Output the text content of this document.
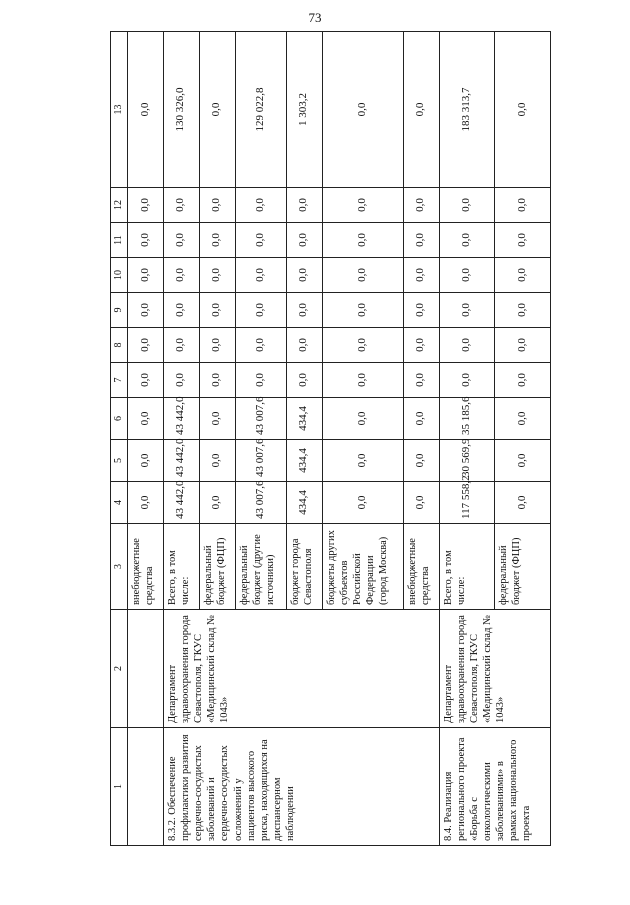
73
1	2	3	4	5	6	7	8	9	10	11	12	13
		внебюджетные средства	0,0	0,0	0,0	0,0	0,0	0,0	0,0	0,0	0,0	0,0
8.3.2. Обеспечение профилактики развития сердечно-сосудистых заболеваний и сердечно-сосудистых осложнений у пациентов высокого риска, находящихся на диспансерном наблюдении	Департамент здравоохранения города Севастополя, ГКУС «Медицинский склад № 1043»	Всего, в том числе:	43 442,0	43 442,0	43 442,0	0,0	0,0	0,0	0,0	0,0	0,0	130 326,0
		федеральный бюджет (ФЦП)	0,0	0,0	0,0	0,0	0,0	0,0	0,0	0,0	0,0	0,0
		федеральный бюджет (другие источники)	43 007,6	43 007,6	43 007,6	0,0	0,0	0,0	0,0	0,0	0,0	129 022,8
		бюджет города Севастополя	434,4	434,4	434,4	0,0	0,0	0,0	0,0	0,0	0,0	1 303,2
		бюджеты других субъектов Российской Федерации (город Москва)	0,0	0,0	0,0	0,0	0,0	0,0	0,0	0,0	0,0	0,0
		внебюджетные средства	0,0	0,0	0,0	0,0	0,0	0,0	0,0	0,0	0,0	0,0
8.4. Реализация регионального проекта «Борьба с онкологическими заболеваниями» в рамках национального проекта	Департамент здравоохранения города Севастополя, ГКУС «Медицинский склад № 1043»	Всего, в том числе:	117 558,2	30 569,9	35 185,6	0,0	0,0	0,0	0,0	0,0	0,0	183 313,7
		федеральный бюджет (ФЦП)	0,0	0,0	0,0	0,0	0,0	0,0	0,0	0,0	0,0	0,0
